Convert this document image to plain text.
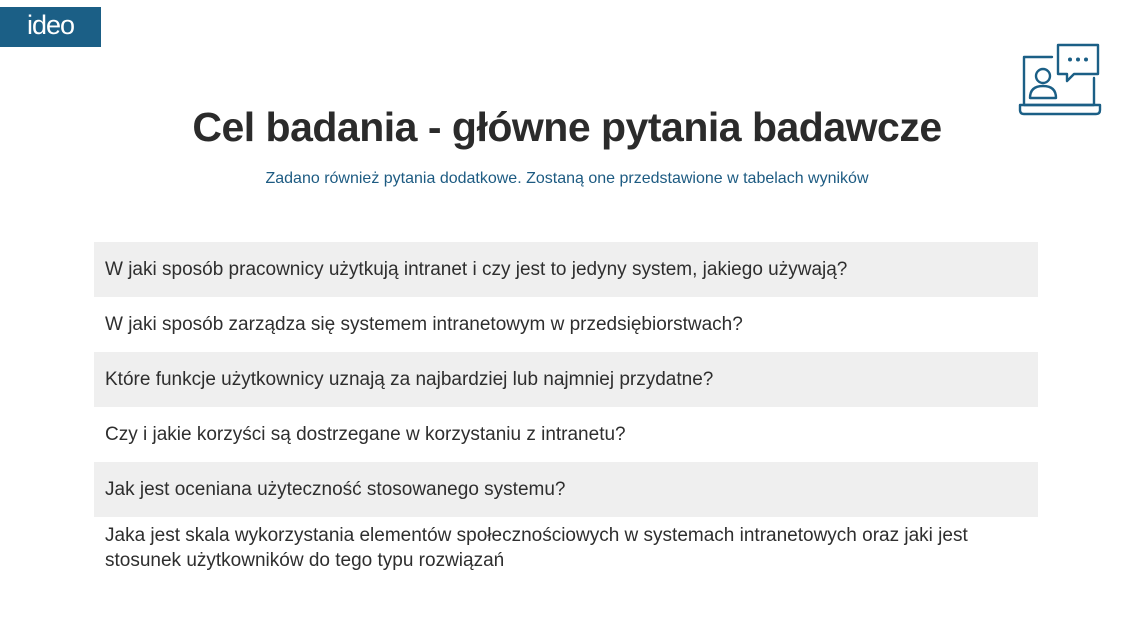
ideo
Cel badania - główne pytania badawcze
Zadano również pytania dodatkowe. Zostaną one przedstawione w tabelach wyników
W jaki sposób pracownicy użytkują intranet i czy jest to jedyny system, jakiego używają?
W jaki sposób zarządza się systemem intranetowym w przedsiębiorstwach?
Które funkcje użytkownicy uznają za najbardziej lub najmniej przydatne?
Czy i jakie korzyści są dostrzegane w korzystaniu z intranetu?
Jak jest oceniana użyteczność stosowanego systemu?
Jaka jest skala wykorzystania elementów społecznościowych w systemach intranetowych oraz jaki jest stosunek użytkowników do tego typu rozwiązań
